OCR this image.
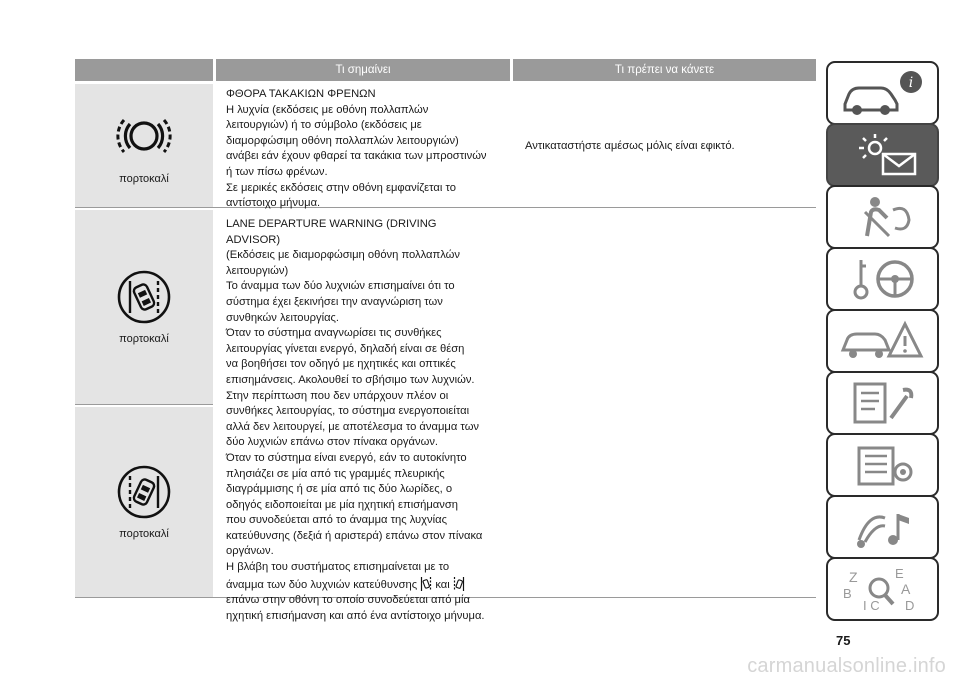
Τι σημαίνει	Τι πρέπει να κάνετε
πορτοκαλί
ΦΘΟΡΑ ΤΑΚΑΚΙΩΝ ΦΡΕΝΩΝ
Η λυχνία (εκδόσεις με οθόνη πολλαπλών
λειτουργιών) ή το σύμβολο (εκδόσεις με
διαμορφώσιμη οθόνη πολλαπλών λειτουργιών)
ανάβει εάν έχουν φθαρεί τα τακάκια των μπροστινών
ή των πίσω φρένων.
Σε μερικές εκδόσεις στην οθόνη εμφανίζεται το
αντίστοιχο μήνυμα.
Αντικαταστήστε αμέσως μόλις είναι εφικτό.
πορτοκαλί
πορτοκαλί
LANE DEPARTURE WARNING (DRIVING
ADVISOR)
(Εκδόσεις με διαμορφώσιμη οθόνη πολλαπλών
λειτουργιών)
Το άναμμα των δύο λυχνιών επισημαίνει ότι το
σύστημα έχει ξεκινήσει την αναγνώριση των
συνθηκών λειτουργίας.
Όταν το σύστημα αναγνωρίσει τις συνθήκες
λειτουργίας γίνεται ενεργό, δηλαδή είναι σε θέση
να βοηθήσει τον οδηγό με ηχητικές και οπτικές
επισημάνσεις. Ακολουθεί το σβήσιμο των λυχνιών.
Στην περίπτωση που δεν υπάρχουν πλέον οι
συνθήκες λειτουργίας, το σύστημα ενεργοποιείται
αλλά δεν λειτουργεί, με αποτέλεσμα το άναμμα των
δύο λυχνιών επάνω στον πίνακα οργάνων.
Όταν το σύστημα είναι ενεργό, εάν το αυτοκίνητο
πλησιάζει σε μία από τις γραμμές πλευρικής
διαγράμμισης ή σε μία από τις δύο λωρίδες, ο
οδηγός ειδοποιείται με μία ηχητική επισήμανση
που συνοδεύεται από το άναμμα της λυχνίας
κατεύθυνσης (δεξιά ή αριστερά) επάνω στον πίνακα
οργάνων.
Η βλάβη του συστήματος επισημαίνεται με το
άναμμα των δύο λυχνιών κατεύθυνσης και
επάνω στην οθόνη το οποίο συνοδεύεται από μία
ηχητική επισήμανση και από ένα αντίστοιχο μήνυμα.
i
Z	E
B
I C
A
D
75
carmanualsonline.info
